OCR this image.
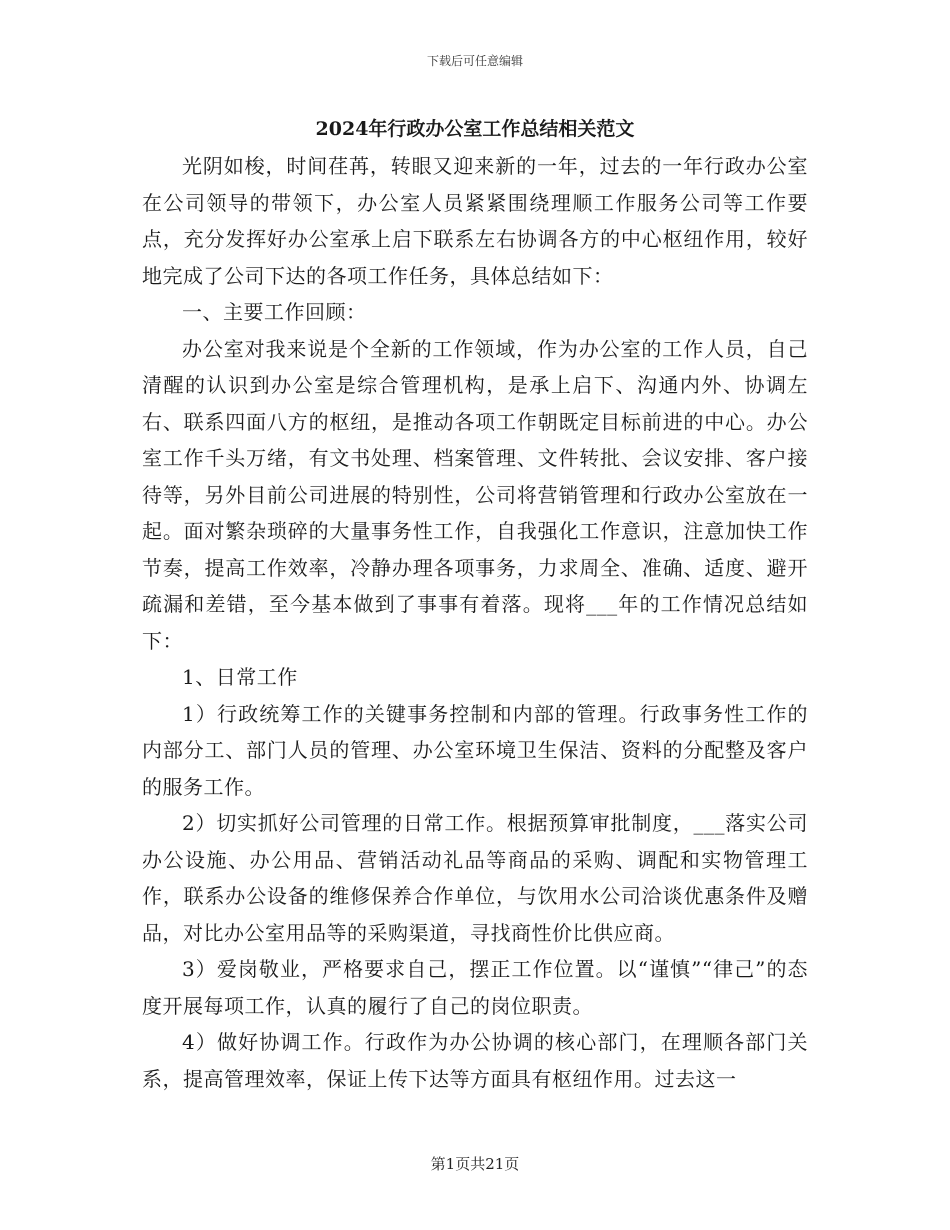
下载后可任意编辑
2024年行政办公室工作总结相关范文

光阴如梭，时间荏苒，转眼又迎来新的一年，过去的一年行政办公室在公司领导的带领下，办公室人员紧紧围绕理顺工作服务公司等工作要点，充分发挥好办公室承上启下联系左右协调各方的中心枢纽作用，较好地完成了公司下达的各项工作任务，具体总结如下：

一、主要工作回顾：

办公室对我来说是个全新的工作领域，作为办公室的工作人员，自己清醒的认识到办公室是综合管理机构，是承上启下、沟通内外、协调左右、联系四面八方的枢纽，是推动各项工作朝既定目标前进的中心。办公室工作千头万绪，有文书处理、档案管理、文件转批、会议安排、客户接待等，另外目前公司进展的特别性，公司将营销管理和行政办公室放在一起。面对繁杂琐碎的大量事务性工作，自我强化工作意识，注意加快工作节奏，提高工作效率，冷静办理各项事务，力求周全、准确、适度、避开疏漏和差错，至今基本做到了事事有着落。现将___年的工作情况总结如下：

1、日常工作

1）行政统筹工作的关键事务控制和内部的管理。行政事务性工作的内部分工、部门人员的管理、办公室环境卫生保洁、资料的分配整及客户的服务工作。

2）切实抓好公司管理的日常工作。根据预算审批制度，___落实公司办公设施、办公用品、营销活动礼品等商品的采购、调配和实物管理工作，联系办公设备的维修保养合作单位，与饮用水公司洽谈优惠条件及赠品，对比办公室用品等的采购渠道，寻找商性价比供应商。

3）爱岗敬业，严格要求自己，摆正工作位置。以“谨慎”“律己”的态度开展每项工作，认真的履行了自己的岗位职责。

4）做好协调工作。行政作为办公协调的核心部门，在理顺各部门关系，提高管理效率，保证上传下达等方面具有枢纽作用。过去这一

第1页共21页
